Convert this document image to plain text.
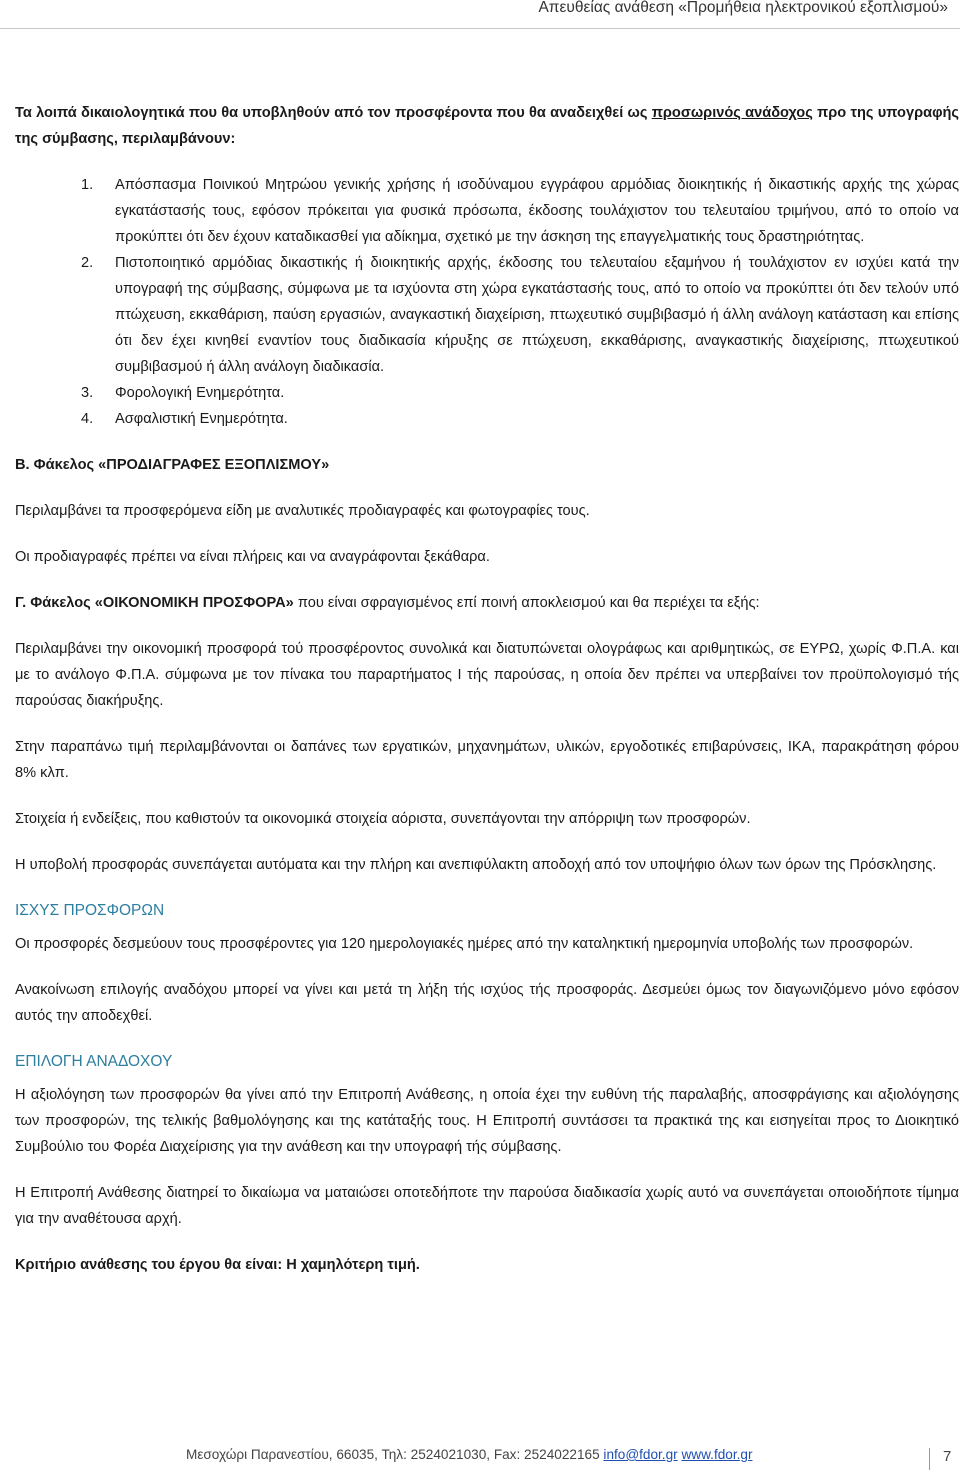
Απευθείας ανάθεση «Προμήθεια ηλεκτρονικού εξοπλισμού»

Τα λοιπά δικαιολογητικά που θα υποβληθούν από τον προσφέροντα που θα αναδειχθεί ως προσωρινός ανάδοχος προ της υπογραφής της σύμβασης, περιλαμβάνουν:

1. Απόσπασμα Ποινικού Μητρώου γενικής χρήσης ή ισοδύναμου εγγράφου αρμόδιας διοικητικής ή δικαστικής αρχής της χώρας εγκατάστασής τους, εφόσον πρόκειται για φυσικά πρόσωπα, έκδοσης τουλάχιστον του τελευταίου τριμήνου, από το οποίο να προκύπτει ότι δεν έχουν καταδικασθεί για αδίκημα, σχετικό με την άσκηση της επαγγελματικής τους δραστηριότητας.
2. Πιστοποιητικό αρμόδιας δικαστικής ή διοικητικής αρχής, έκδοσης του τελευταίου εξαμήνου ή τουλάχιστον εν ισχύει κατά την υπογραφή της σύμβασης, σύμφωνα με τα ισχύοντα στη χώρα εγκατάστασής τους, από το οποίο να προκύπτει ότι δεν τελούν υπό πτώχευση, εκκαθάριση, παύση εργασιών, αναγκαστική διαχείριση, πτωχευτικό συμβιβασμό ή άλλη ανάλογη κατάσταση και επίσης ότι δεν έχει κινηθεί εναντίον τους διαδικασία κήρυξης σε πτώχευση, εκκαθάρισης, αναγκαστικής διαχείρισης, πτωχευτικού συμβιβασμού ή άλλη ανάλογη διαδικασία.
3. Φορολογική Ενημερότητα.
4. Ασφαλιστική Ενημερότητα.

Β. Φάκελος «ΠΡΟΔΙΑΓΡΑΦΕΣ ΕΞΟΠΛΙΣΜΟΥ»

Περιλαμβάνει τα προσφερόμενα είδη με αναλυτικές προδιαγραφές και φωτογραφίες τους.

Οι προδιαγραφές πρέπει να είναι πλήρεις και να αναγράφονται ξεκάθαρα.

Γ. Φάκελος «ΟΙΚΟΝΟΜΙΚΗ ΠΡΟΣΦΟΡΑ» που είναι σφραγισμένος επί ποινή αποκλεισμού και θα περιέχει τα εξής:

Περιλαμβάνει την οικονομική προσφορά τού προσφέροντος συνολικά και διατυπώνεται ολογράφως και αριθμητικώς, σε ΕΥΡΩ, χωρίς Φ.Π.Α. και με το ανάλογο Φ.Π.Α. σύμφωνα με τον πίνακα του παραρτήματος Ι τής παρούσας, η οποία δεν πρέπει να υπερβαίνει τον προϋπολογισμό τής παρούσας διακήρυξης.

Στην παραπάνω τιμή περιλαμβάνονται οι δαπάνες των εργατικών, μηχανημάτων, υλικών, εργοδοτικές επιβαρύνσεις, ΙΚΑ, παρακράτηση φόρου 8% κλπ.

Στοιχεία ή ενδείξεις, που καθιστούν τα οικονομικά στοιχεία αόριστα, συνεπάγονται την απόρριψη των προσφορών.

Η υποβολή προσφοράς συνεπάγεται αυτόματα και την πλήρη και ανεπιφύλακτη αποδοχή από τον υποψήφιο όλων των όρων της Πρόσκλησης.

ΙΣΧΥΣ ΠΡΟΣΦΟΡΩΝ

Οι προσφορές δεσμεύουν τους προσφέροντες για 120 ημερολογιακές ημέρες από την καταληκτική ημερομηνία υποβολής των προσφορών.

Ανακοίνωση επιλογής αναδόχου μπορεί να γίνει και μετά τη λήξη τής ισχύος τής προσφοράς. Δεσμεύει όμως τον διαγωνιζόμενο μόνο εφόσον αυτός την αποδεχθεί.

ΕΠΙΛΟΓΗ ΑΝΑΔΟΧΟΥ

Η αξιολόγηση των προσφορών θα γίνει από την Επιτροπή Ανάθεσης, η οποία έχει την ευθύνη τής παραλαβής, αποσφράγισης και αξιολόγησης των προσφορών, της τελικής βαθμολόγησης και της κατάταξής τους. Η Επιτροπή συντάσσει τα πρακτικά της και εισηγείται προς το Διοικητικό Συμβούλιο του Φορέα Διαχείρισης για την ανάθεση και την υπογραφή τής σύμβασης.

Η Επιτροπή Ανάθεσης διατηρεί το δικαίωμα να ματαιώσει οποτεδήποτε την παρούσα διαδικασία χωρίς αυτό να συνεπάγεται οποιοδήποτε τίμημα για την αναθέτουσα αρχή.

Κριτήριο ανάθεσης του έργου θα είναι: Η χαμηλότερη τιμή.

Μεσοχώρι Παρανεστίου, 66035, Τηλ: 2524021030, Fax: 2524022165 info@fdor.gr www.fdor.gr	7
